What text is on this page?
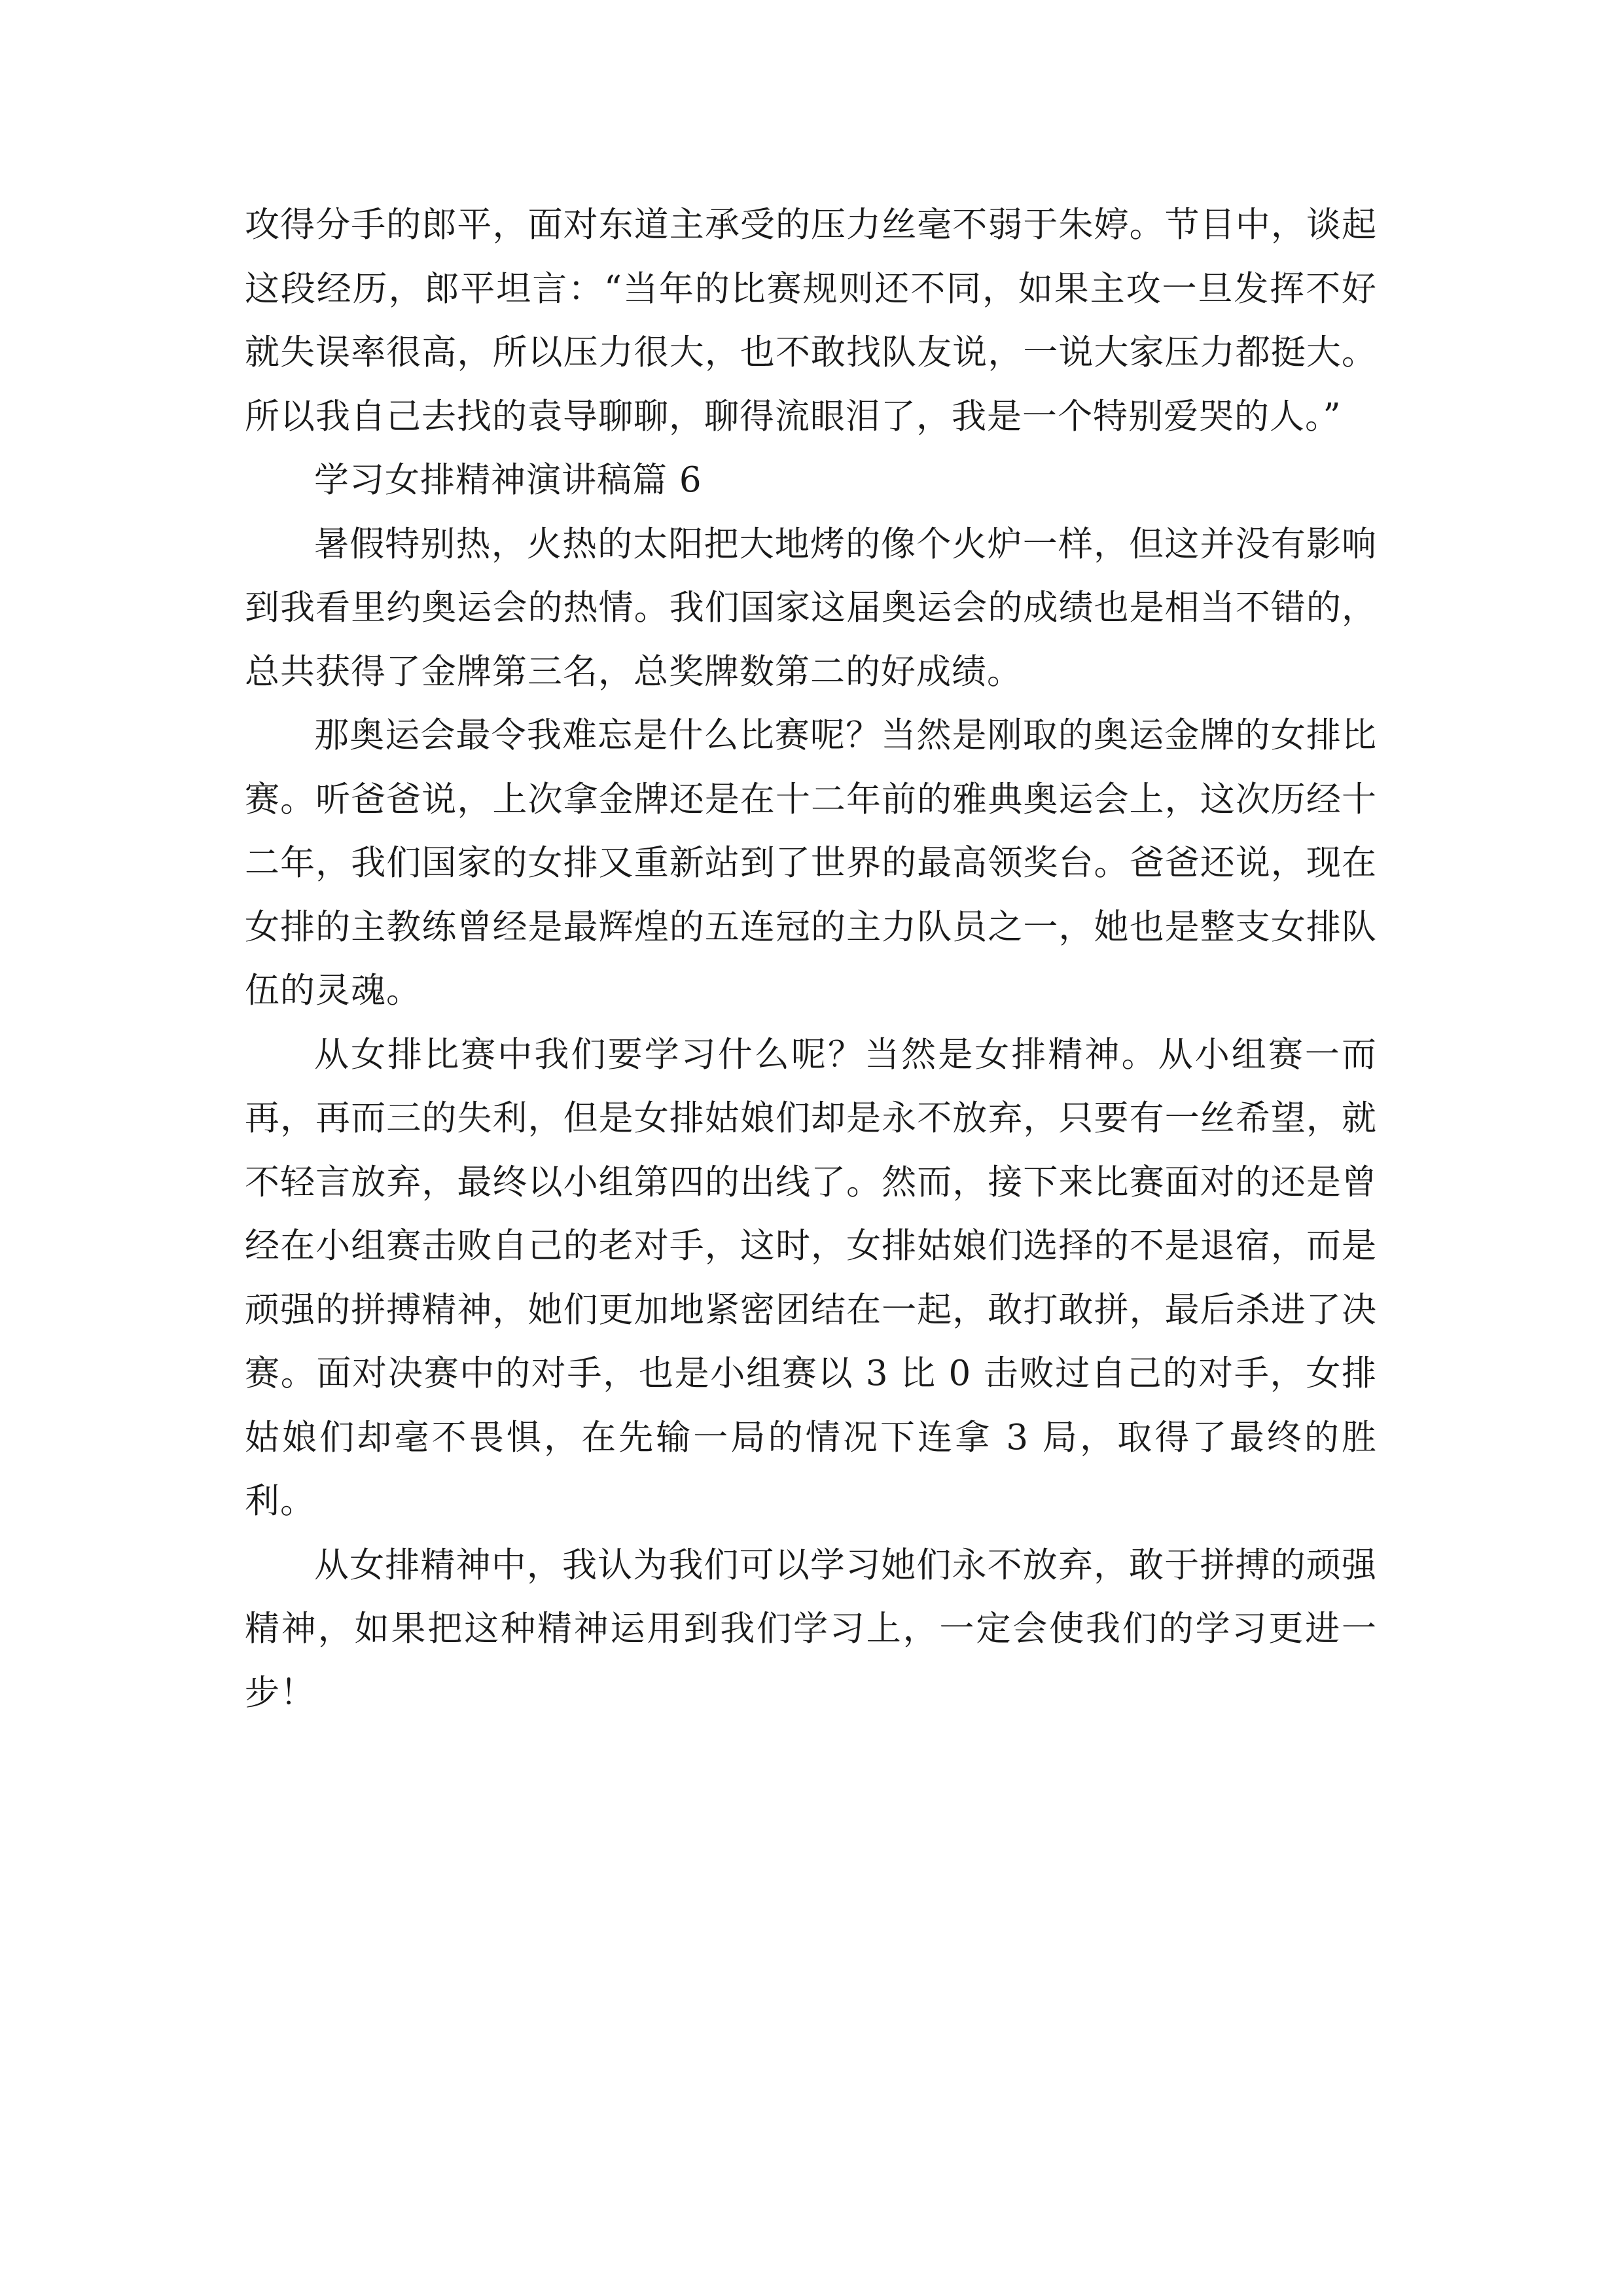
攻得分手的郎平，面对东道主承受的压力丝毫不弱于朱婷。节目中，谈起这段经历，郎平坦言：“当年的比赛规则还不同，如果主攻一旦发挥不好就失误率很高，所以压力很大，也不敢找队友说，一说大家压力都挺大。所以我自己去找的袁导聊聊，聊得流眼泪了，我是一个特别爱哭的人。”

学习女排精神演讲稿篇 6

暑假特别热，火热的太阳把大地烤的像个火炉一样，但这并没有影响到我看里约奥运会的热情。我们国家这届奥运会的成绩也是相当不错的，总共获得了金牌第三名，总奖牌数第二的好成绩。

那奥运会最令我难忘是什么比赛呢？当然是刚取的奥运金牌的女排比赛。听爸爸说，上次拿金牌还是在十二年前的雅典奥运会上，这次历经十二年，我们国家的女排又重新站到了世界的最高领奖台。爸爸还说，现在女排的主教练曾经是最辉煌的五连冠的主力队员之一，她也是整支女排队伍的灵魂。

从女排比赛中我们要学习什么呢？当然是女排精神。从小组赛一而再，再而三的失利，但是女排姑娘们却是永不放弃，只要有一丝希望，就不轻言放弃，最终以小组第四的出线了。然而，接下来比赛面对的还是曾经在小组赛击败自己的老对手，这时，女排姑娘们选择的不是退宿，而是顽强的拼搏精神，她们更加地紧密团结在一起，敢打敢拼，最后杀进了决赛。面对决赛中的对手，也是小组赛以 3 比 0 击败过自己的对手，女排姑娘们却毫不畏惧，在先输一局的情况下连拿 3 局，取得了最终的胜利。

从女排精神中，我认为我们可以学习她们永不放弃，敢于拼搏的顽强精神，如果把这种精神运用到我们学习上，一定会使我们的学习更进一步！
